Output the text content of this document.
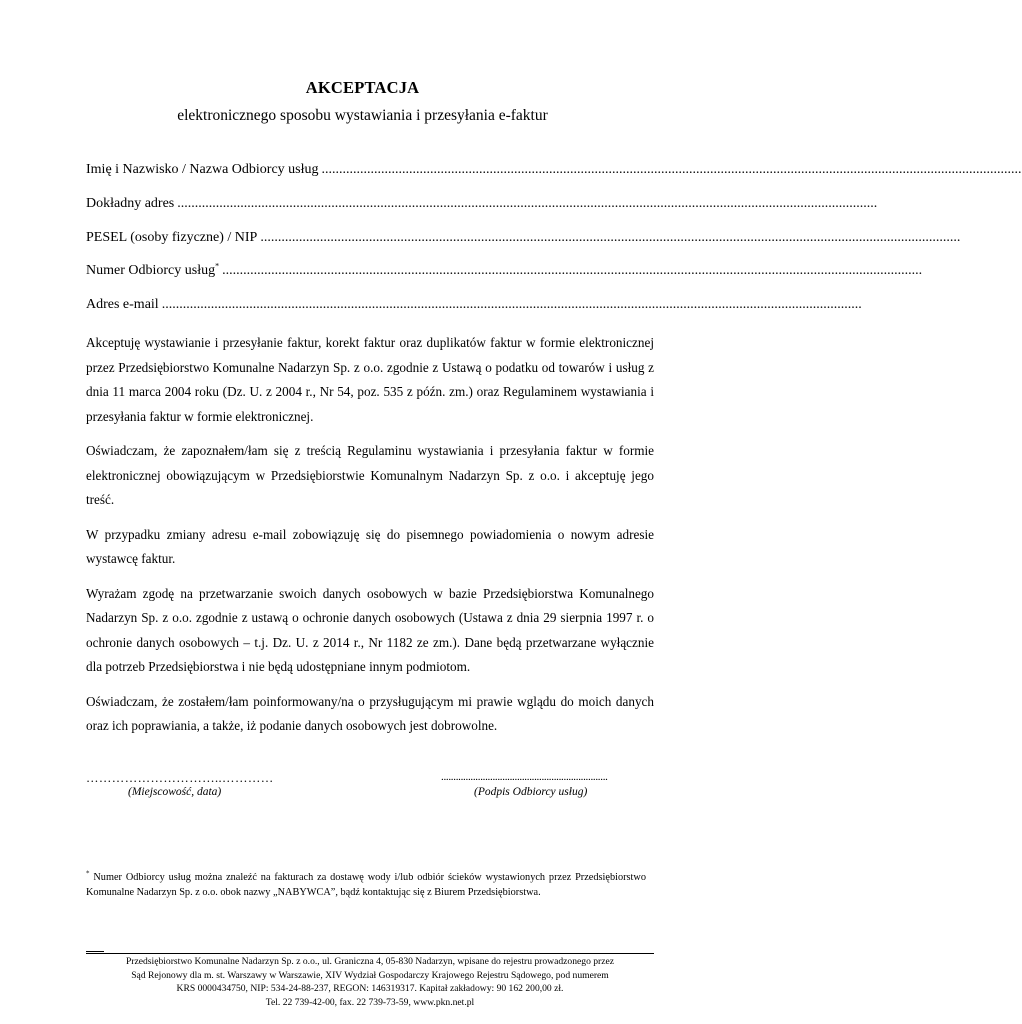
AKCEPTACJA
elektronicznego sposobu wystawiania i przesyłania e-faktur
Imię i Nazwisko / Nazwa Odbiorcy usług ........................................................................................................................................................................................................
Dokładny adres ........................................................................................................................................................................................................
PESEL (osoby fizyczne) / NIP ........................................................................................................................................................................................................
Numer Odbiorcy usług* ........................................................................................................................................................................................................
Adres e-mail ........................................................................................................................................................................................................

Akceptuję wystawianie i przesyłanie faktur, korekt faktur oraz duplikatów faktur w formie elektronicznej przez Przedsiębiorstwo Komunalne Nadarzyn Sp. z o.o. zgodnie z Ustawą o podatku od towarów i usług z dnia 11 marca 2004 roku (Dz. U. z 2004 r., Nr 54, poz. 535 z późn. zm.) oraz Regulaminem wystawiania i przesyłania faktur w formie elektronicznej.

Oświadczam, że zapoznałem/łam się z treścią Regulaminu wystawiania i przesyłania faktur w formie elektronicznej obowiązującym w Przedsiębiorstwie Komunalnym Nadarzyn Sp. z o.o. i akceptuję jego treść.

W przypadku zmiany adresu e-mail zobowiązuję się do pisemnego powiadomienia o nowym adresie wystawcę faktur.

Wyrażam zgodę na przetwarzanie swoich danych osobowych w bazie Przedsiębiorstwa Komunalnego Nadarzyn Sp. z o.o. zgodnie z ustawą o ochronie danych osobowych (Ustawa z dnia 29 sierpnia 1997 r. o ochronie danych osobowych – t.j. Dz. U. z 2014 r., Nr 1182 ze zm.). Dane będą przetwarzane wyłącznie dla potrzeb Przedsiębiorstwa i nie będą udostępniane innym podmiotom.

Oświadczam, że zostałem/łam poinformowany/na o przysługującym mi prawie wglądu do moich danych oraz ich poprawiania, a także, iż podanie danych osobowych jest dobrowolne.

…………………………..…………
(Miejscowość, data)
....................................................................
(Podpis Odbiorcy usług)
* Numer Odbiorcy usług można znaleźć na fakturach za dostawę wody i/lub odbiór ścieków wystawionych przez Przedsiębiorstwo Komunalne Nadarzyn Sp. z o.o. obok nazwy „NABYWCA”, bądź kontaktując się z Biurem Przedsiębiorstwa.
Przedsiębiorstwo Komunalne Nadarzyn Sp. z o.o., ul. Graniczna 4, 05-830 Nadarzyn, wpisane do rejestru prowadzonego przez
Sąd Rejonowy dla m. st. Warszawy w Warszawie, XIV Wydział Gospodarczy Krajowego Rejestru Sądowego, pod numerem
KRS 0000434750, NIP: 534-24-88-237, REGON: 146319317. Kapitał zakładowy: 90 162 200,00 zł.
Tel. 22 739-42-00, fax. 22 739-73-59, www.pkn.net.pl
